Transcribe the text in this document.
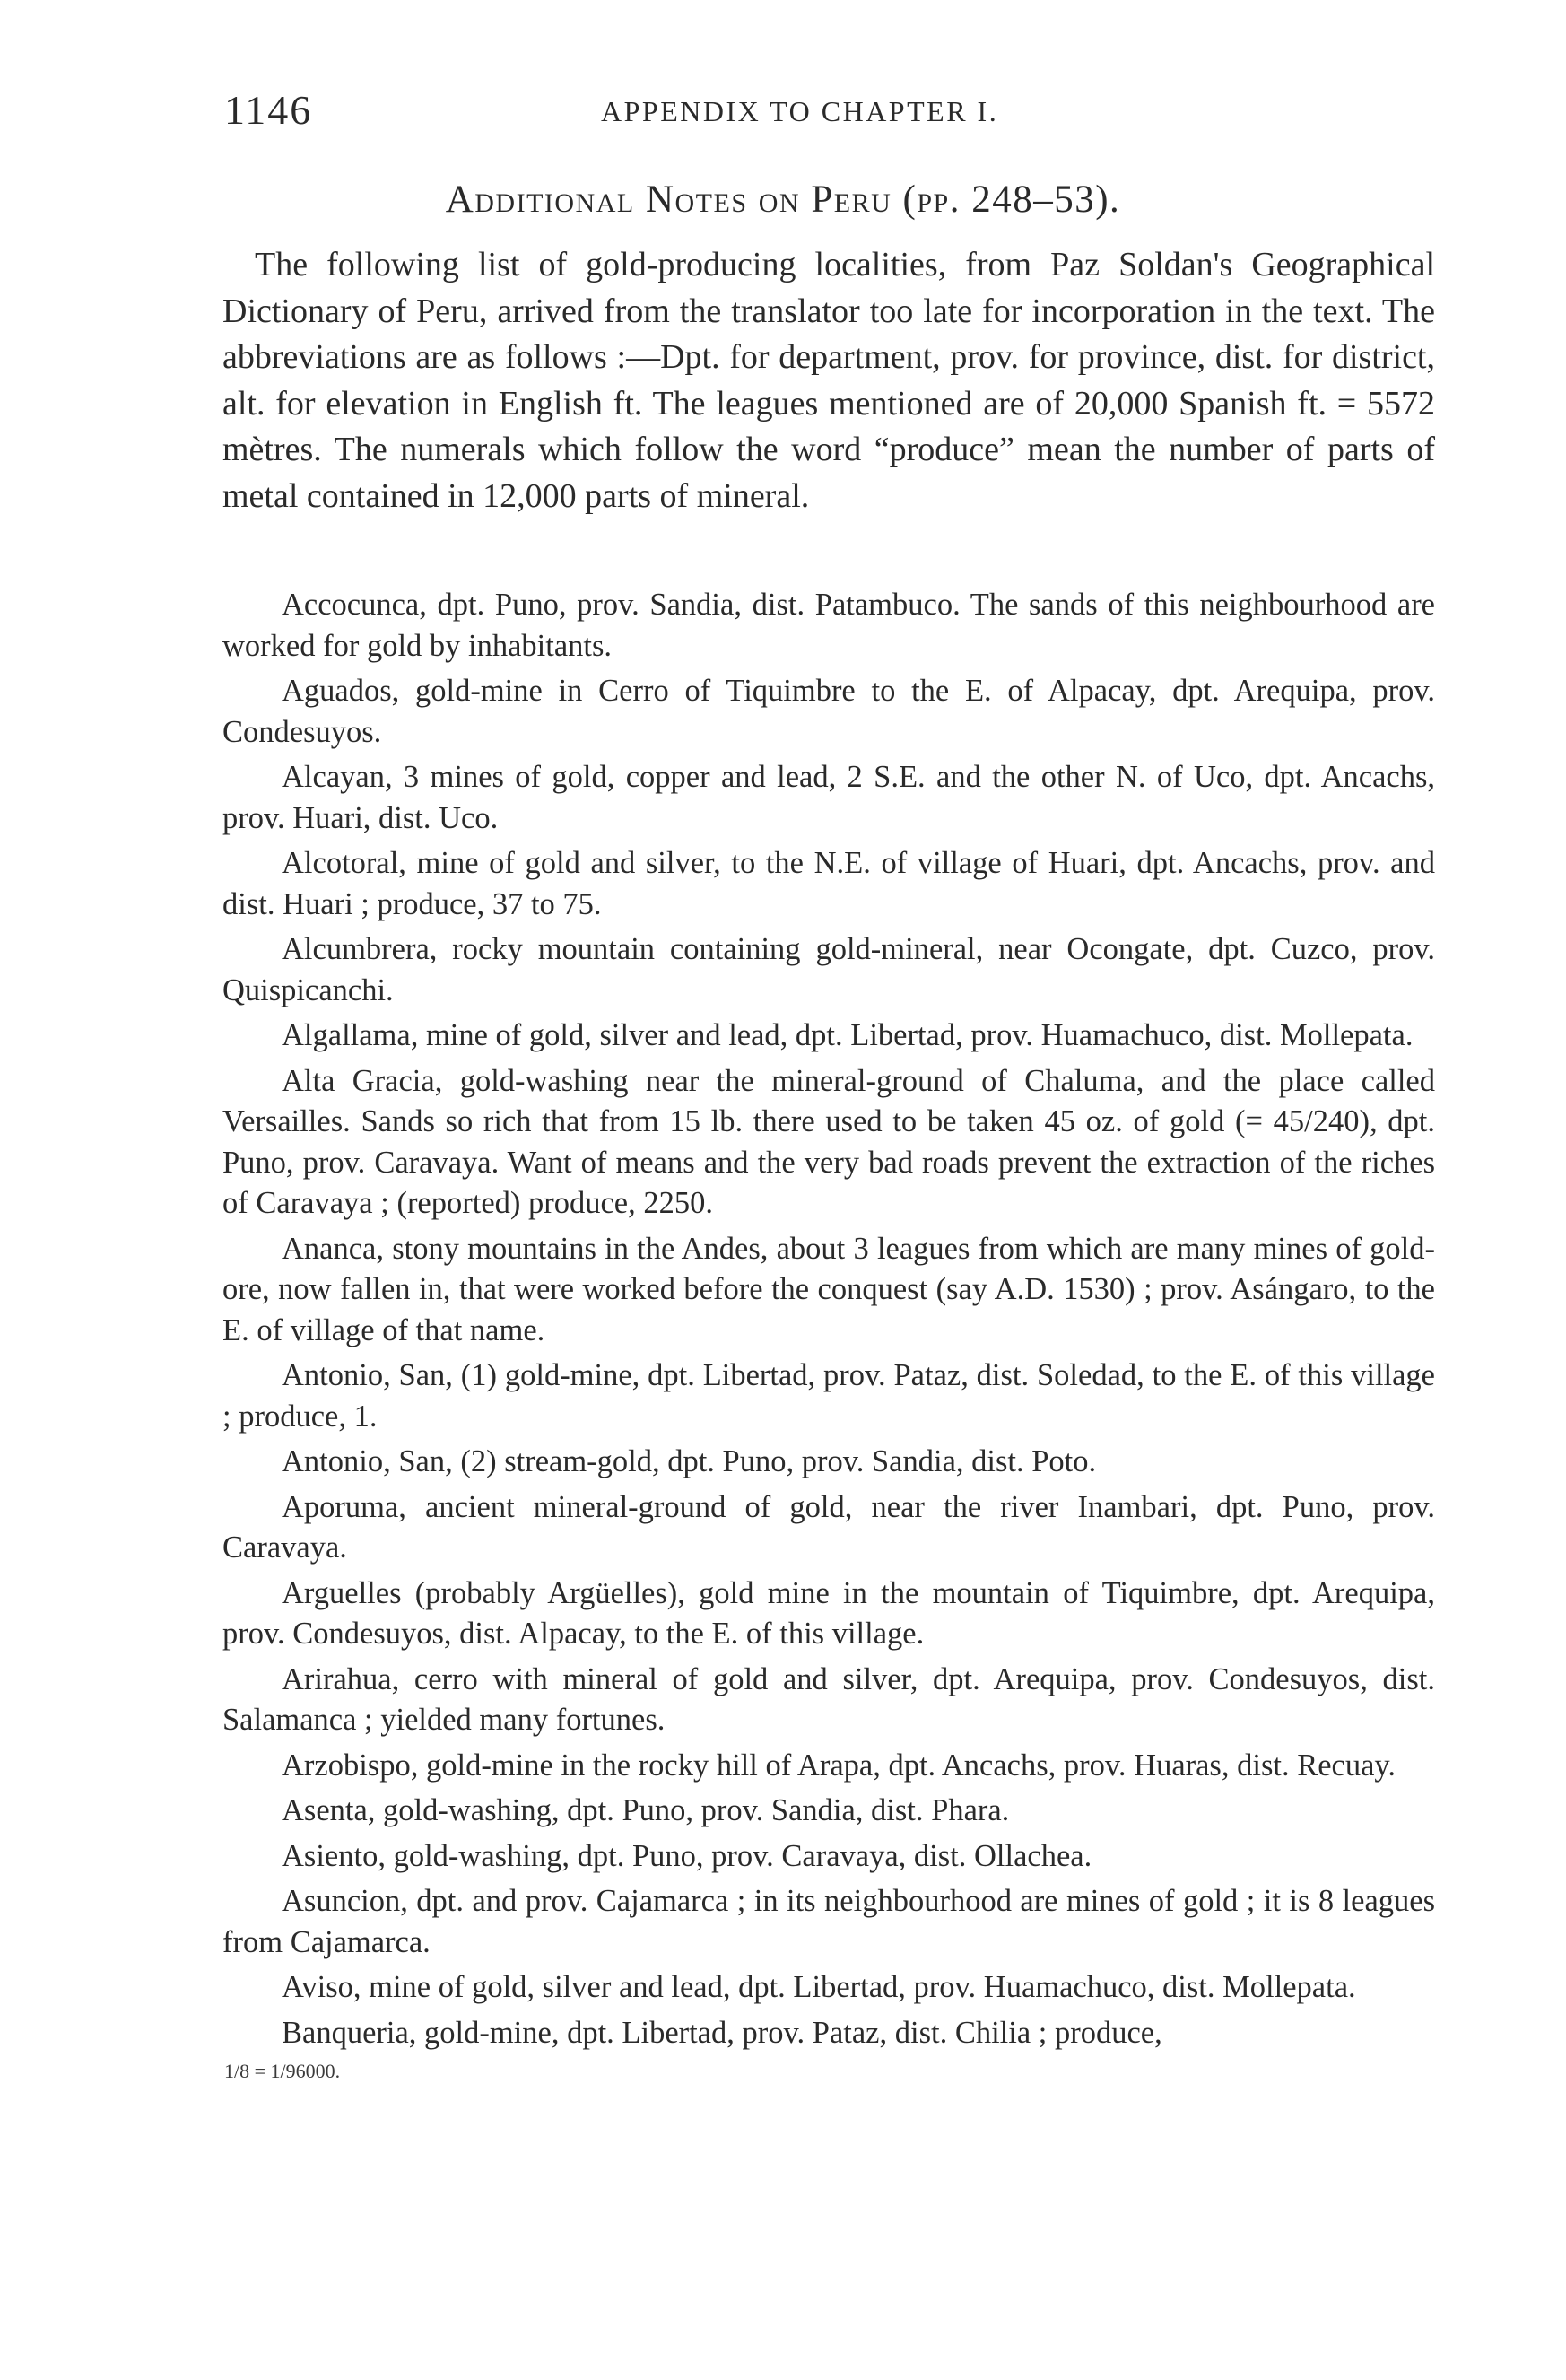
1146	APPENDIX TO CHAPTER I.
Additional Notes on Peru (pp. 248–53).

The following list of gold-producing localities, from Paz Soldan's Geographical Dictionary of Peru, arrived from the translator too late for incorporation in the text. The abbreviations are as follows :—Dpt. for department, prov. for province, dist. for district, alt. for elevation in English ft. The leagues mentioned are of 20,000 Spanish ft. = 5572 mètres. The numerals which follow the word “produce” mean the number of parts of metal contained in 12,000 parts of mineral.

Accocunca, dpt. Puno, prov. Sandia, dist. Patambuco. The sands of this neighbourhood are worked for gold by inhabitants.

Aguados, gold-mine in Cerro of Tiquimbre to the E. of Alpacay, dpt. Arequipa, prov. Condesuyos.

Alcayan, 3 mines of gold, copper and lead, 2 S.E. and the other N. of Uco, dpt. Ancachs, prov. Huari, dist. Uco.

Alcotoral, mine of gold and silver, to the N.E. of village of Huari, dpt. Ancachs, prov. and dist. Huari ; produce, 37 to 75.

Alcumbrera, rocky mountain containing gold-mineral, near Ocongate, dpt. Cuzco, prov. Quispicanchi.

Algallama, mine of gold, silver and lead, dpt. Libertad, prov. Huamachuco, dist. Mollepata.

Alta Gracia, gold-washing near the mineral-ground of Chaluma, and the place called Versailles. Sands so rich that from 15 lb. there used to be taken 45 oz. of gold (= 45/240), dpt. Puno, prov. Caravaya. Want of means and the very bad roads prevent the extraction of the riches of Caravaya ; (reported) produce, 2250.

Ananca, stony mountains in the Andes, about 3 leagues from which are many mines of gold-ore, now fallen in, that were worked before the conquest (say A.D. 1530) ; prov. Asángaro, to the E. of village of that name.

Antonio, San, (1) gold-mine, dpt. Libertad, prov. Pataz, dist. Soledad, to the E. of this village ; produce, 1.

Antonio, San, (2) stream-gold, dpt. Puno, prov. Sandia, dist. Poto.

Aporuma, ancient mineral-ground of gold, near the river Inambari, dpt. Puno, prov. Caravaya.

Arguelles (probably Argüelles), gold mine in the mountain of Tiquimbre, dpt. Arequipa, prov. Condesuyos, dist. Alpacay, to the E. of this village.

Arirahua, cerro with mineral of gold and silver, dpt. Arequipa, prov. Condesuyos, dist. Salamanca ; yielded many fortunes.

Arzobispo, gold-mine in the rocky hill of Arapa, dpt. Ancachs, prov. Huaras, dist. Recuay.

Asenta, gold-washing, dpt. Puno, prov. Sandia, dist. Phara.

Asiento, gold-washing, dpt. Puno, prov. Caravaya, dist. Ollachea.

Asuncion, dpt. and prov. Cajamarca ; in its neighbourhood are mines of gold ; it is 8 leagues from Cajamarca.

Aviso, mine of gold, silver and lead, dpt. Libertad, prov. Huamachuco, dist. Mollepata.

Banqueria, gold-mine, dpt. Libertad, prov. Pataz, dist. Chilia ; produce,

1/8 = 1/96000.
